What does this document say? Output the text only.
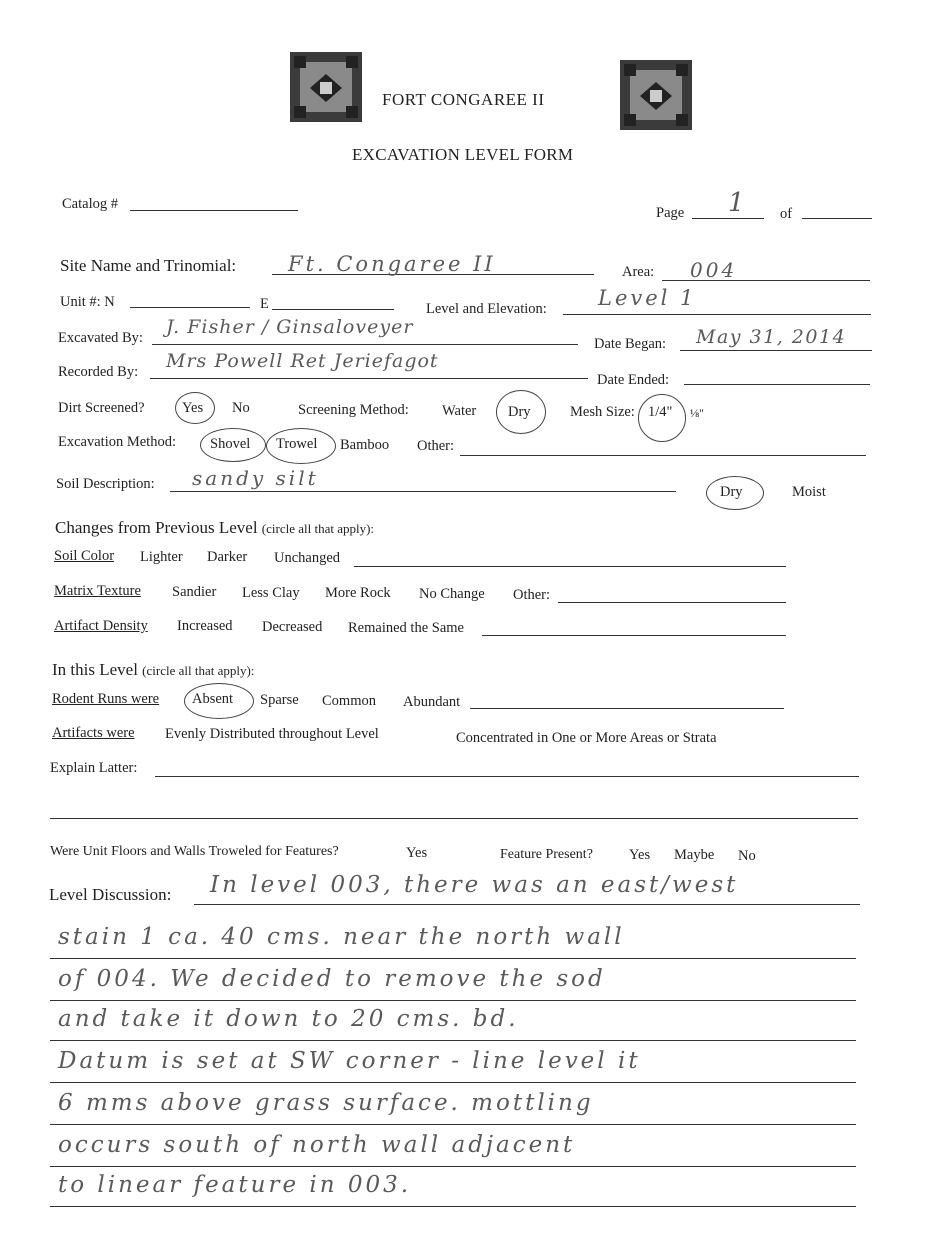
FORT CONGAREE II
EXCAVATION LEVEL FORM
Catalog #
Page 1 of
Site Name and Trinomial: Ft. Congaree II	Area: 004
Unit #: N	E	Level and Elevation: Level 1
Excavated By: J. Fisher / Ginsaloveyer
Date Began: May 31, 2014
Recorded By: Mrs Powell Ret Jeriefagot
Date Ended:
Dirt Screened?	Yes No	Screening Method: Water Dry	Mesh Size: 1/4" ⅛"
Excavation Method: Shovel Trowel Bamboo Other:
Soil Description: sandy silt
Dry	Moist
Changes from Previous Level (circle all that apply):
Soil Color Lighter Darker Unchanged
Matrix Texture Sandier Less Clay More Rock No Change Other:
Artifact Density Increased Decreased Remained the Same
In this Level (circle all that apply):
Rodent Runs were Absent Sparse Common Abundant
Artifacts were Evenly Distributed throughout Level	Concentrated in One or More Areas or Strata
Explain Latter:
Were Unit Floors and Walls Troweled for Features?	Yes	Feature Present? Yes Maybe No
Level Discussion: In level 003, there was an east/west
stain 1 ca. 40 cms. near the north wall
of 004. We decided to remove the sod
and take it down to 20 cms. bd.
Datum is set at SW corner - line level it
6 mms above grass surface. mottling
occurs south of north wall adjacent
to linear feature in 003.
